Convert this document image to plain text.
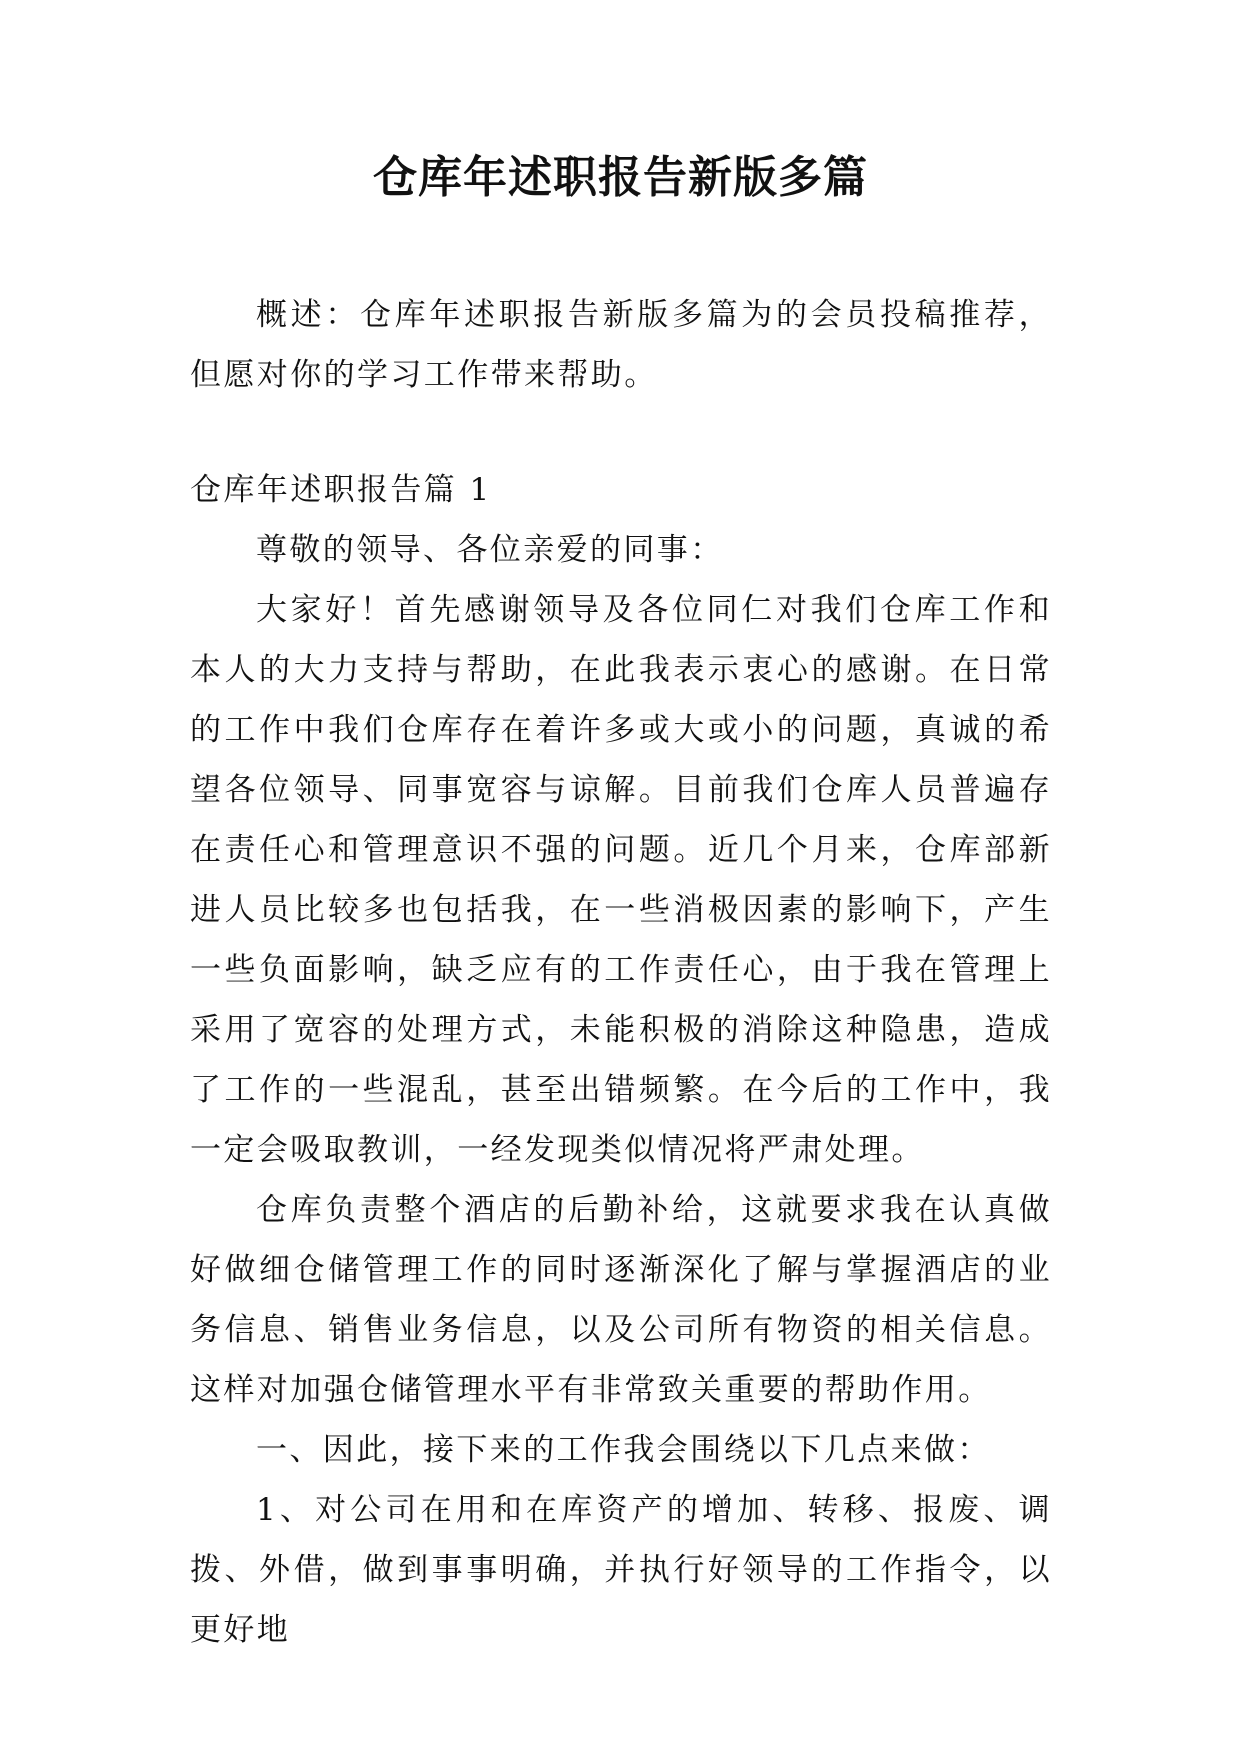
仓库年述职报告新版多篇

概述：仓库年述职报告新版多篇为的会员投稿推荐，但愿对你的学习工作带来帮助。

仓库年述职报告篇 1

尊敬的领导、各位亲爱的同事：

大家好！首先感谢领导及各位同仁对我们仓库工作和本人的大力支持与帮助，在此我表示衷心的感谢。在日常的工作中我们仓库存在着许多或大或小的问题，真诚的希望各位领导、同事宽容与谅解。目前我们仓库人员普遍存在责任心和管理意识不强的问题。近几个月来，仓库部新进人员比较多也包括我，在一些消极因素的影响下，产生一些负面影响，缺乏应有的工作责任心，由于我在管理上采用了宽容的处理方式，未能积极的消除这种隐患，造成了工作的一些混乱，甚至出错频繁。在今后的工作中，我一定会吸取教训，一经发现类似情况将严肃处理。

仓库负责整个酒店的后勤补给，这就要求我在认真做好做细仓储管理工作的同时逐渐深化了解与掌握酒店的业务信息、销售业务信息，以及公司所有物资的相关信息。这样对加强仓储管理水平有非常致关重要的帮助作用。

一、因此，接下来的工作我会围绕以下几点来做：

1、对公司在用和在库资产的增加、转移、报废、调拨、外借，做到事事明确，并执行好领导的工作指令，以更好地
